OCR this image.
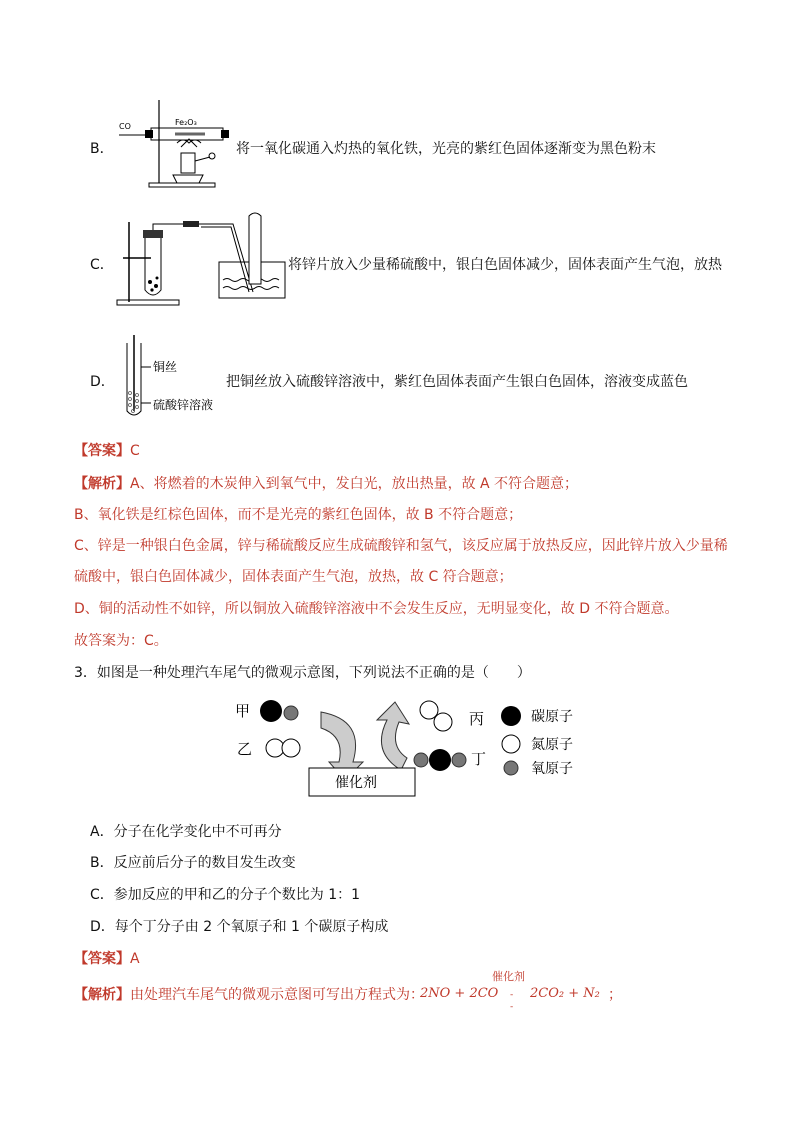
B．
CO	Fe₂O₃
将一氧化碳通入灼热的氧化铁，光亮的紫红色固体逐渐变为黑色粉末
C．	将锌片放入少量稀硫酸中，银白色固体减少，固体表面产生气泡，放热
D．
铜丝
硫酸锌溶液
把铜丝放入硫酸锌溶液中，紫红色固体表面产生银白色固体，溶液变成蓝色
【答案】C
【解析】A、将燃着的木炭伸入到氧气中，发白光，放出热量，故 A 不符合题意；
B、氧化铁是红棕色固体，而不是光亮的紫红色固体，故 B 不符合题意；
C、锌是一种银白色金属，锌与稀硫酸反应生成硫酸锌和氢气，该反应属于放热反应，因此锌片放入少量稀
硫酸中，银白色固体减少，固体表面产生气泡，放热，故 C 符合题意；
D、铜的活动性不如锌，所以铜放入硫酸锌溶液中不会发生反应，无明显变化，故 D 不符合题意。
故答案为：C。
3．如图是一种处理汽车尾气的微观示意图，下列说法不正确的是（　　）
甲
乙
催化剂
丙
丁
碳原子
氮原子
氧原子
A．分子在化学变化中不可再分
B．反应前后分子的数目发生改变
C．参加反应的甲和乙的分子个数比为 1：1
D．每个丁分子由 2 个氧原子和 1 个碳原子构成
【答案】A
【解析】由处理汽车尾气的微观示意图可写出方程式为：
2NO + 2CO
催化剂
-
-
2CO₂ + N₂ ；
